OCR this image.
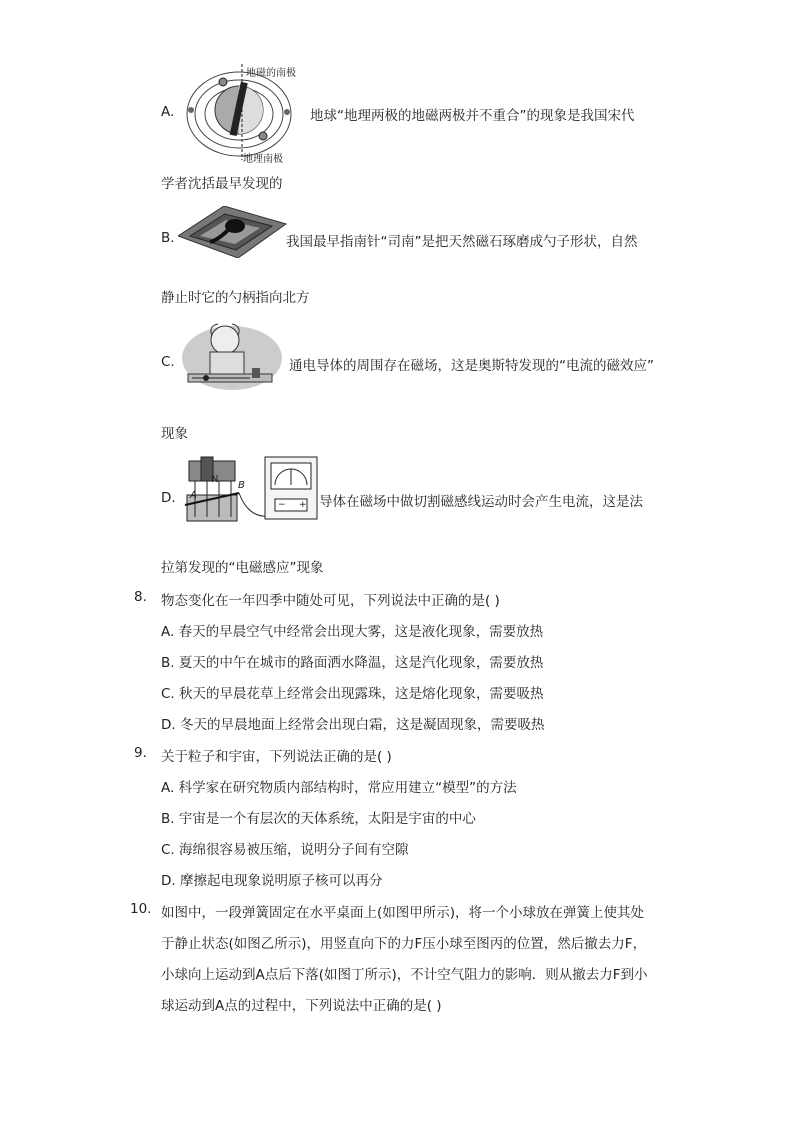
A.
地磁的南极
地理南极
地球“地理两极的地磁两极并不重合”的现象是我国宋代
学者沈括最早发现的
B.	我国最早指南针“司南”是把天然磁石琢磨成勺子形状，自然
静止时它的勺柄指向北方
C.	通电导体的周围存在磁场，这是奥斯特发现的“电流的磁效应”
现象
D.
N
A
B
− + 导体在磁场中做切割磁感线运动时会产生电流，这是法
拉第发现的“电磁感应”现象
8. 物态变化在一年四季中随处可见，下列说法中正确的是( )
A. 春天的早晨空气中经常会出现大雾，这是液化现象，需要放热
B. 夏天的中午在城市的路面洒水降温，这是汽化现象，需要放热
C. 秋天的早晨花草上经常会出现露珠，这是熔化现象，需要吸热
D. 冬天的早晨地面上经常会出现白霜，这是凝固现象，需要吸热
9. 关于粒子和宇宙，下列说法正确的是( )
A. 科学家在研究物质内部结构时，常应用建立“模型”的方法
B. 宇宙是一个有层次的天体系统，太阳是宇宙的中心
C. 海绵很容易被压缩，说明分子间有空隙
D. 摩擦起电现象说明原子核可以再分
10. 如图中，一段弹簧固定在水平桌面上(如图甲所示)，将一个小球放在弹簧上使其处
于静止状态(如图乙所示)，用竖直向下的力F压小球至图丙的位置，然后撤去力F，
小球向上运动到A点后下落(如图丁所示)，不计空气阻力的影响．则从撤去力F到小
球运动到A点的过程中，下列说法中正确的是( )
